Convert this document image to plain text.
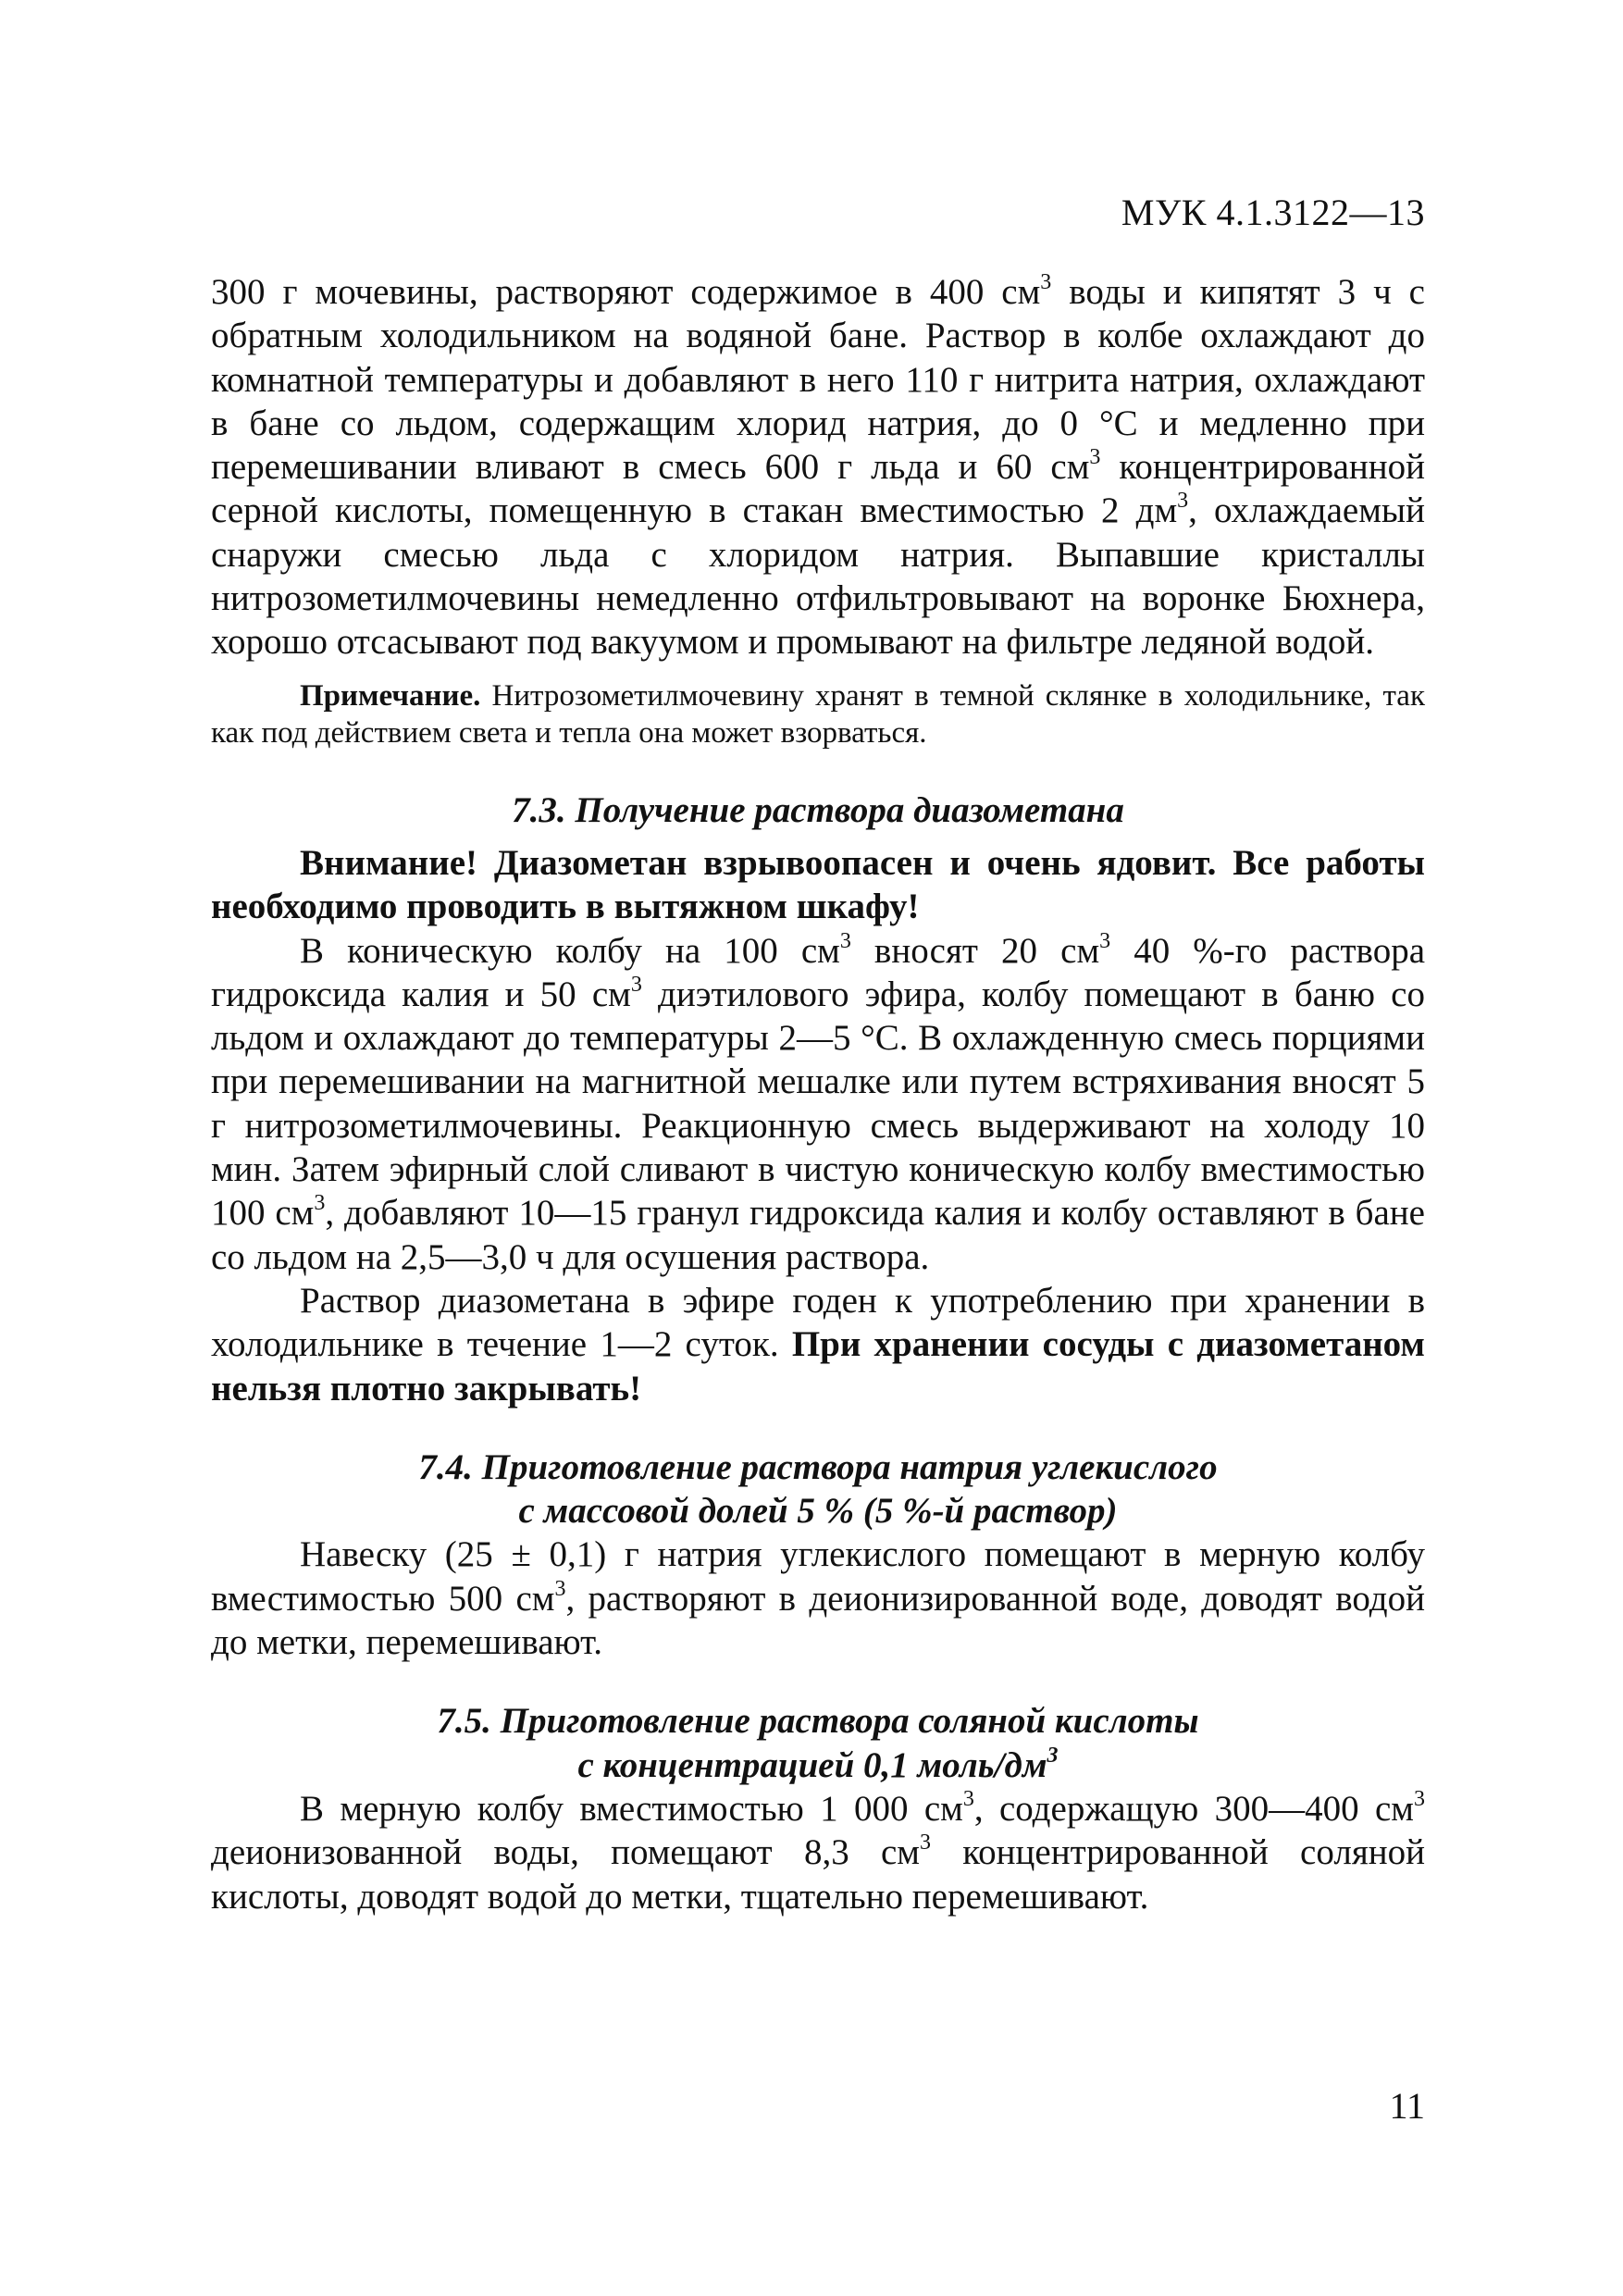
МУК 4.1.3122—13

300 г мочевины, растворяют содержимое в 400 $см^3$ воды и кипятят 3 ч с обратным холодильником на водяной бане. Раствор в колбе охлаждают до комнатной температуры и добавляют в него 110 г нитрита натрия, охлаждают в бане со льдом, содержащим хлорид натрия, до 0 °С и медленно при перемешивании вливают в смесь 600 г льда и 60 $см^3$ концентрированной серной кислоты, помещенную в стакан вместимостью 2 $дм^3$, охлаждаемый снаружи смесью льда с хлоридом натрия. Выпавшие кристаллы нитрозометилмочевины немедленно отфильтровывают на воронке Бюхнера, хорошо отсасывают под вакуумом и промывают на фильтре ледяной водой.

Примечание. Нитрозометилмочевину хранят в темной склянке в холодильнике, так как под действием света и тепла она может взорваться.

7.3. Получение раствора диазометана

Внимание! Диазометан взрывоопасен и очень ядовит. Все работы необходимо проводить в вытяжном шкафу!

В коническую колбу на 100 $см^3$ вносят 20 $см^3$ 40 %-го раствора гидроксида калия и 50 $см^3$ диэтилового эфира, колбу помещают в баню со льдом и охлаждают до температуры 2—5 °С. В охлажденную смесь порциями при перемешивании на магнитной мешалке или путем встряхивания вносят 5 г нитрозометилмочевины. Реакционную смесь выдерживают на холоду 10 мин. Затем эфирный слой сливают в чистую коническую колбу вместимостью 100 $см^3$, добавляют 10—15 гранул гидроксида калия и колбу оставляют в бане со льдом на 2,5—3,0 ч для осушения раствора.

Раствор диазометана в эфире годен к употреблению при хранении в холодильнике в течение 1—2 суток. При хранении сосуды с диазометаном нельзя плотно закрывать!

7.4. Приготовление раствора натрия углекислого

с массовой долей 5 % (5 %-й раствор)

Навеску (25 ± 0,1) г натрия углекислого помещают в мерную колбу вместимостью 500 $см^3$, растворяют в деионизированной воде, доводят водой до метки, перемешивают.

7.5. Приготовление раствора соляной кислоты

с концентрацией 0,1 моль/$дм^3$

В мерную колбу вместимостью 1 000 $см^3$, содержащую 300—400 $см^3$ деионизованной воды, помещают 8,3 $см^3$ концентрированной соляной кислоты, доводят водой до метки, тщательно перемешивают.

11
